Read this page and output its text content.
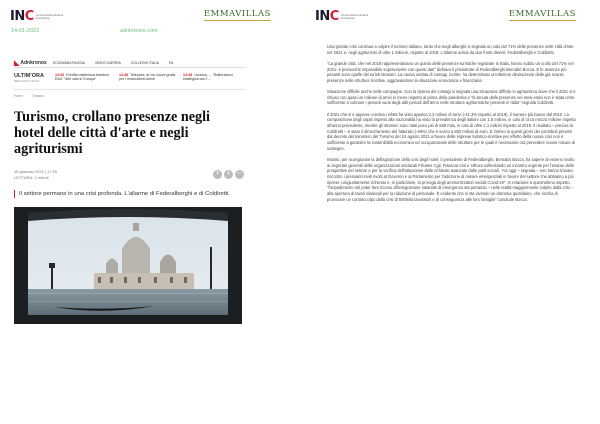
INC Comunicazione Ricerca Innovazione	EMMAVILLAS
14-01-2022	adnkronos.com
◣ Adnkronos	ECONOMIA RUSSIA	VIDEO GUERRA	COLLEGHI ITALIA	PA
ULTIM'ORA
BREAKING NEWS
13:54 Eredità misteriosa bambini, Eckl: "Altri casi in Europa"
13:48 Telepass, al via nuove gratis per i motociclisti clienti
13:48 Ucraina, ... "Rafforziamo strategica con l'...
Home	Turismo
Turismo, crollano presenze negli hotel delle città d'arte e negli agriturismi
18 gennaio 2022 | 17:59
LETTURA: 3 minuti
f	t	···
Il settore permane in una crisi profonda. L'allarme di Federalberghi e di Coldiretti.
INC Comunicazione Ricerca Innovazione	EMMAVILLAS

Una grande crisi continua a colpire il turismo italiano, tanto che negli alberghi si segnala un calo del 71% delle presenze nelle città d'arte nel 2021 e, negli agriturismi di oltre 1 milione, rispetto al 2019. L'allarme arriva da due fronti diversi: Federalberghi e Coldiretti.

"La grande città, che nel 2019 rappresentavano un quinto delle presenze turistiche registrate in Italia, hanno subito un crollo del 71% nel 2021- è pressoché impossibile sopravvivere con questi dati" dichiara il presidente di Federalberghi Bernabò Bocca. E le assenze più pesanti sono quelle dei turisti stranieri. La nuova ondata di contagi, inoltre, ha determinato un'ulteriore diminuzione delle già scarse presenze nelle strutture ricettive, aggravandone la situazione economica e finanziaria.

Situazione difficile anche nelle campagne. Con la ripresa dei contagi si segnala una situazione difficile in agriturismo dove che il 2021 si è chiuso con quasi un milione di arrivi in meno rispetto al prima della pandemia e "la tenuta delle presenze nei mesi estivi non è stata certo sufficiente a colmare i pesanti vuoti degli altri periodi dell'anno nelle strutture agrituristiche presenti in Italia" segnala Coldiretti.

Il 2021 che si è appena concluso infatti ha visto appena 2,2 milioni di arrivi (-41,3% rispetto al 2019), il numero più basso dal 2010. La composizione degli ospiti rispetto alla nazionalità ha visto la prevalenza degli italiani con 1,5 milioni, in calo di circa mezzo milione rispetto all'anno precedente, mentre gli stranieri sono stati poco più di 669 mila, in calo di oltre 1,1 milioni rispetto al 2019. Il risultato – precisa la Coldiretti – è stato il dimezzamento del fatturato (-49%) che è sceso a 802 milioni di euro. E l'arrivo in questi giorni dei contributi previsti dal decreto del ministero del Turismo del 24 agosto 2021 a favore delle imprese turistico-ricettive per effetto della nuova crisi non è sufficiente a garantire la sostenibilità economica ed occupazionale delle strutture per le quali è necessario ora prevedere nuove misure di sostegno.

Intanto, per scongiurare la deflagrazione della crisi degli hotel, il presidente di Federalberghi, Bernabò Bocca, ha sapere di essersi rivolto ai segretari generali delle organizzazioni sindacali Filcams Cgil, Fisascat Cisl e Uiltucs sollecitando un incontro urgente per l'esame delle prospettive del settore e per la verifica dell'attuazione delle richieste avanzate dalle parti sociali. "Ad oggi – segnala – non hanno trovato riscontro i pressanti inviti rivolti al Governo e al Parlamento per l'adozione di misure emergenziali in favore del settore che abbiamo a più riprese congiuntamente richiesto e, in particolare, la proroga degli ammortizzatori sociali Covid-19". In relazione a quest'ultimo aspetto, "l'impedimento nel poter fare ricorso all'integrazione salariale di emergenza sta portando – nelle realtà maggiormente colpite dalla crisi – alla apertura di tavoli sindacali per la riduzione di personale. È evidente che si sta vivendo un dramma quotidiano, che rischia di provocare un contraccolpo dalla crisi di 500mila lavoratori e di conseguenza alle loro famiglie" conclude Bocca.
